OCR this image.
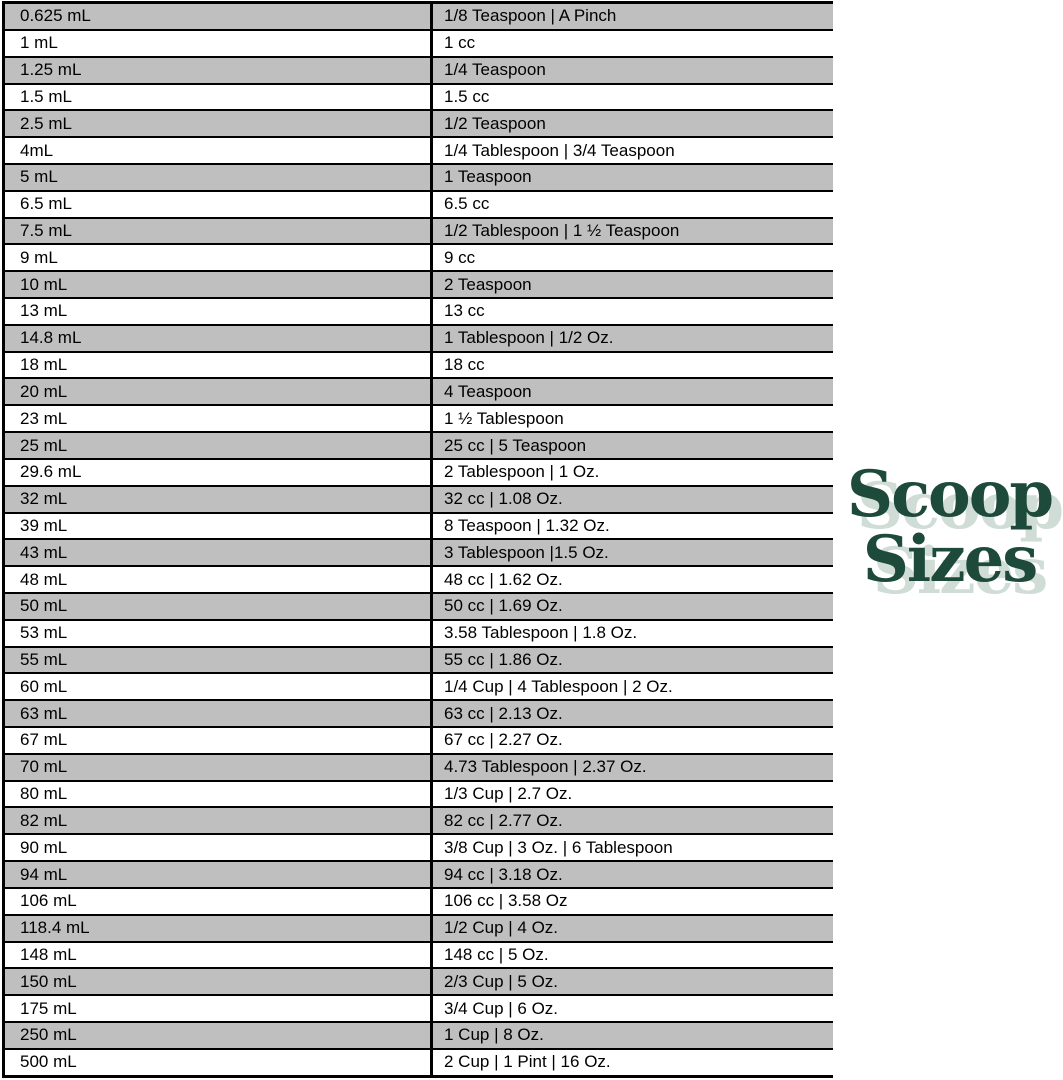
0.625 mL	1/8 Teaspoon | A Pinch
1 mL	1 cc
1.25 mL	1/4 Teaspoon
1.5 mL	1.5 cc
2.5 mL	1/2 Teaspoon
4mL	1/4 Tablespoon | 3/4 Teaspoon
5 mL	1 Teaspoon
6.5 mL	6.5 cc
7.5 mL	1/2 Tablespoon | 1 ½ Teaspoon
9 mL	9 cc
10 mL	2 Teaspoon
13 mL	13 cc
14.8 mL	1 Tablespoon | 1/2 Oz.
18 mL	18 cc
20 mL	4 Teaspoon
23 mL	1 ½ Tablespoon
25 mL	25 cc | 5 Teaspoon
29.6 mL	2 Tablespoon | 1 Oz.
32 mL	32 cc | 1.08 Oz.
39 mL	8 Teaspoon | 1.32 Oz.
43 mL	3 Tablespoon |1.5 Oz.
48 mL	48 cc | 1.62 Oz.
50 mL	50 cc | 1.69 Oz.
53 mL	3.58 Tablespoon | 1.8 Oz.
55 mL	55 cc | 1.86 Oz.
60 mL	1/4 Cup | 4 Tablespoon | 2 Oz.
63 mL	63 cc | 2.13 Oz.
67 mL	67 cc | 2.27 Oz.
70 mL	4.73 Tablespoon | 2.37 Oz.
80 mL	1/3 Cup | 2.7 Oz.
82 mL	82 cc | 2.77 Oz.
90 mL	3/8 Cup | 3 Oz. | 6 Tablespoon
94 mL	94 cc | 3.18 Oz.
106 mL	106 cc | 3.58 Oz
118.4 mL	1/2 Cup | 4 Oz.
148 mL	148 cc | 5 Oz.
150 mL	2/3 Cup | 5 Oz.
175 mL	3/4 Cup | 6 Oz.
250 mL	1 Cup | 8 Oz.
500 mL	2 Cup | 1 Pint | 16 Oz.
Scoop
Sizes
